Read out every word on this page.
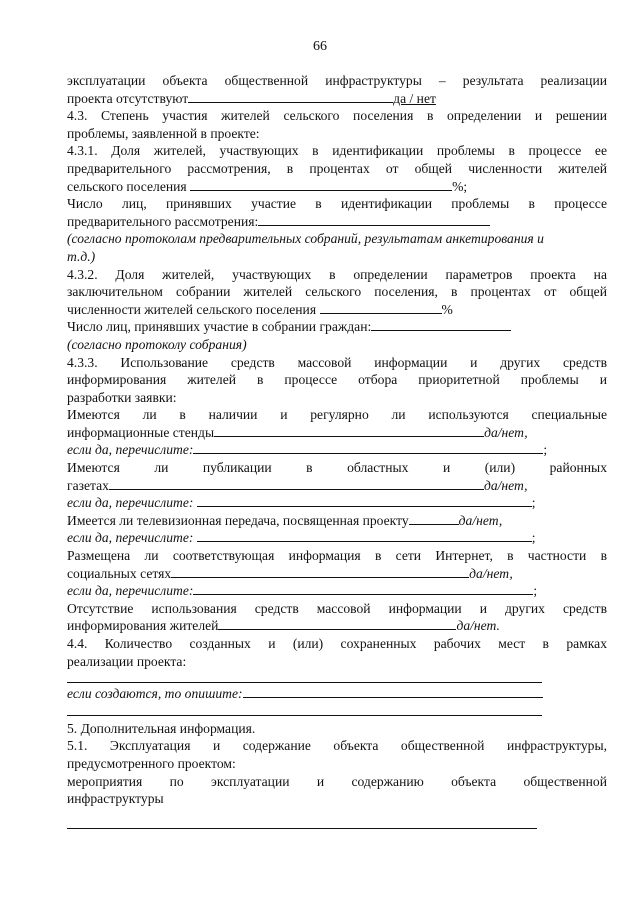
66
эксплуатации объекта общественной инфраструктуры – результата реализации
проекта отсутствуют	да / нет
4.3. Степень участия жителей сельского поселения в определении и решении
проблемы, заявленной в проекте:
4.3.1. Доля жителей, участвующих в идентификации проблемы в процессе ее
предварительного рассмотрения, в процентах от общей численности жителей
сельского поселения	%;
Число лиц, принявших участие в идентификации проблемы в процессе
предварительного рассмотрения:
(согласно протоколам предварительных собраний, результатам анкетирования и
т.д.)
4.3.2. Доля жителей, участвующих в определении параметров проекта на
заключительном собрании жителей сельского поселения, в процентах от общей
численности жителей сельского поселения	%
Число лиц, принявших участие в собрании граждан:
(согласно протоколу собрания)
4.3.3. Использование средств массовой информации и других средств
информирования жителей в процессе отбора приоритетной проблемы и
разработки заявки:
Имеются ли в наличии и регулярно ли используются специальные
информационные стенды	да/нет,
если да, перечислите:	;
Имеются ли публикации в областных и (или) районных
газетах	да/нет,
если да, перечислите:	;
Имеется ли телевизионная передача, посвященная проекту	да/нет,
если да, перечислите:	;
Размещена ли соответствующая информация в сети Интернет, в частности в
социальных сетях	да/нет,
если да, перечислите:	;
Отсутствие использования средств массовой информации и других средств
информирования жителей	да/нет.
4.4. Количество созданных и (или) сохраненных рабочих мест в рамках
реализации проекта:
если создаются, то опишите:
5. Дополнительная информация.
5.1. Эксплуатация и содержание объекта общественной инфраструктуры,
предусмотренного проектом:
мероприятия по эксплуатации и содержанию объекта общественной
инфраструктуры
